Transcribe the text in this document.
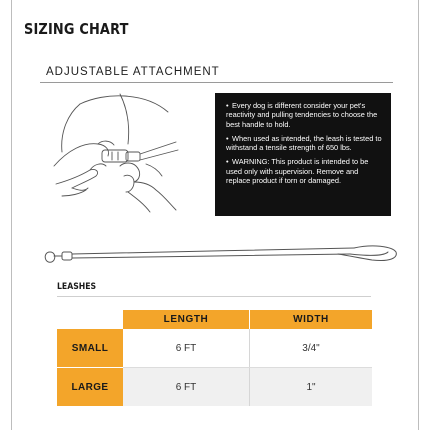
SIZING CHART
ADJUSTABLE ATTACHMENT

• Every dog is different consider your pet's reactivity and pulling tendencies to choose the best handle to hold.

• When used as intended, the leash is tested to withstand a tensile strength of 650 lbs.

• WARNING: This product is intended to be used only with supervision. Remove and replace product if torn or damaged.

LEASHES
	LENGTH	WIDTH
SMALL	6 FT	3/4"
LARGE	6 FT	1"
